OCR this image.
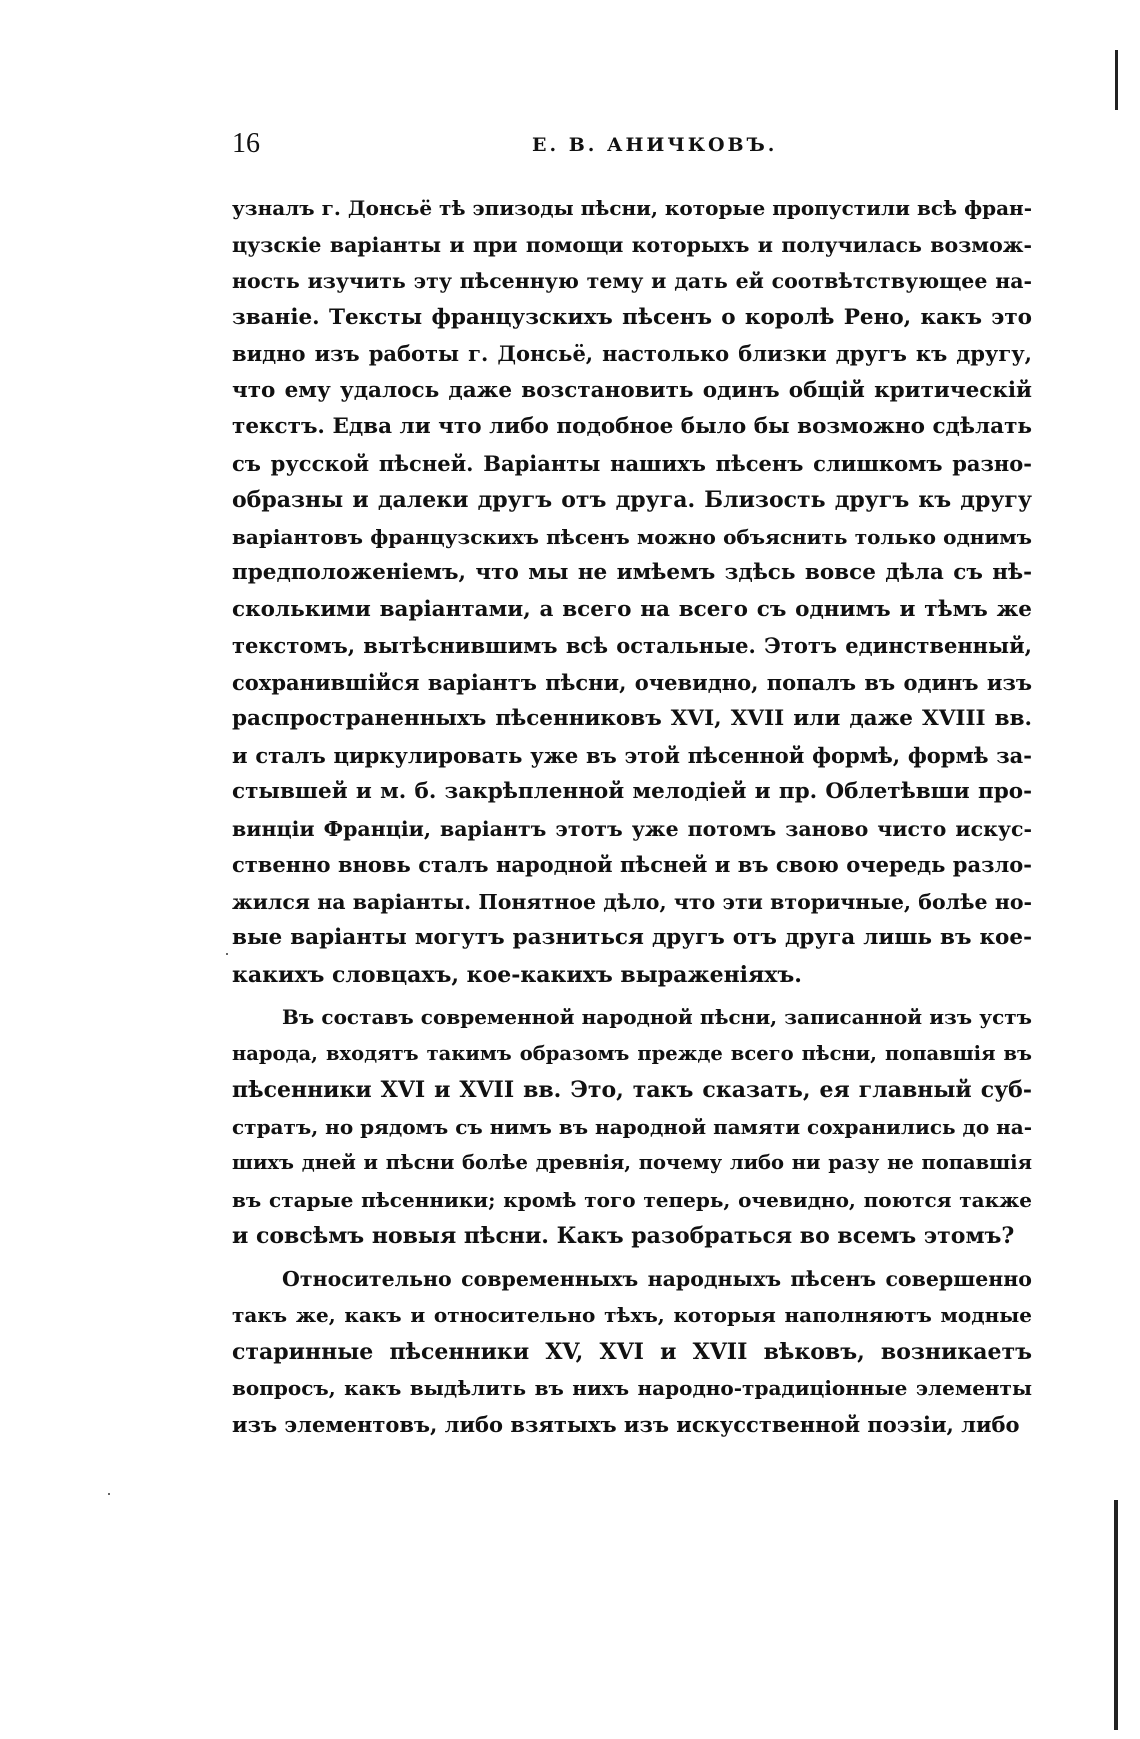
16	Е. В. АНИЧКОВЪ.
узналъ г. Донсьё тѣ эпизоды пѣсни, которые пропустили всѣ фран-
цузскіе варіанты и при помощи которыхъ и получилась возмож-
ность изучить эту пѣсенную тему и дать ей соотвѣтствующее на-
званіе. Тексты французскихъ пѣсенъ о королѣ Рено, какъ это
видно изъ работы г. Донсьё, настолько близки другъ къ другу,
что ему удалось даже возстановить одинъ общій критическій
текстъ. Едва ли что либо подобное было бы возможно сдѣлать
съ русской пѣсней. Варіанты нашихъ пѣсенъ слишкомъ разно-
образны и далеки другъ отъ друга. Близость другъ къ другу
варіантовъ французскихъ пѣсенъ можно объяснить только однимъ
предположеніемъ, что мы не имѣемъ здѣсь вовсе дѣла съ нѣ-
сколькими варіантами, а всего на всего съ однимъ и тѣмъ же
текстомъ, вытѣснившимъ всѣ остальные. Этотъ единственный,
сохранившійся варіантъ пѣсни, очевидно, попалъ въ одинъ изъ
распространенныхъ пѣсенниковъ XVI, XVII или даже XVIII вв.
и сталъ циркулировать уже въ этой пѣсенной формѣ, формѣ за-
стывшей и м. б. закрѣпленной мелодіей и пр. Облетѣвши про-
винціи Франціи, варіантъ этотъ уже потомъ заново чисто искус-
ственно вновь сталъ народной пѣсней и въ свою очередь разло-
жился на варіанты. Понятное дѣло, что эти вторичные, болѣе но-
вые варіанты могутъ разниться другъ отъ друга лишь въ кое-
какихъ словцахъ, кое-какихъ выраженіяхъ.
Въ составъ современной народной пѣсни, записанной изъ устъ
народа, входятъ такимъ образомъ прежде всего пѣсни, попавшія въ
пѣсенники XVI и XVII вв. Это, такъ сказать, ея главный суб-
стратъ, но рядомъ съ нимъ въ народной памяти сохранились до на-
шихъ дней и пѣсни болѣе древнія, почему либо ни разу не попавшія
въ старые пѣсенники; кромѣ того теперь, очевидно, поются также
и совсѣмъ новыя пѣсни. Какъ разобраться во всемъ этомъ?
Относительно современныхъ народныхъ пѣсенъ совершенно
такъ же, какъ и относительно тѣхъ, которыя наполняютъ модные
старинные пѣсенники XV, XVI и XVII вѣковъ, возникаетъ
вопросъ, какъ выдѣлить въ нихъ народно-традиціонные элементы
изъ элементовъ, либо взятыхъ изъ искусственной поэзіи, либо
